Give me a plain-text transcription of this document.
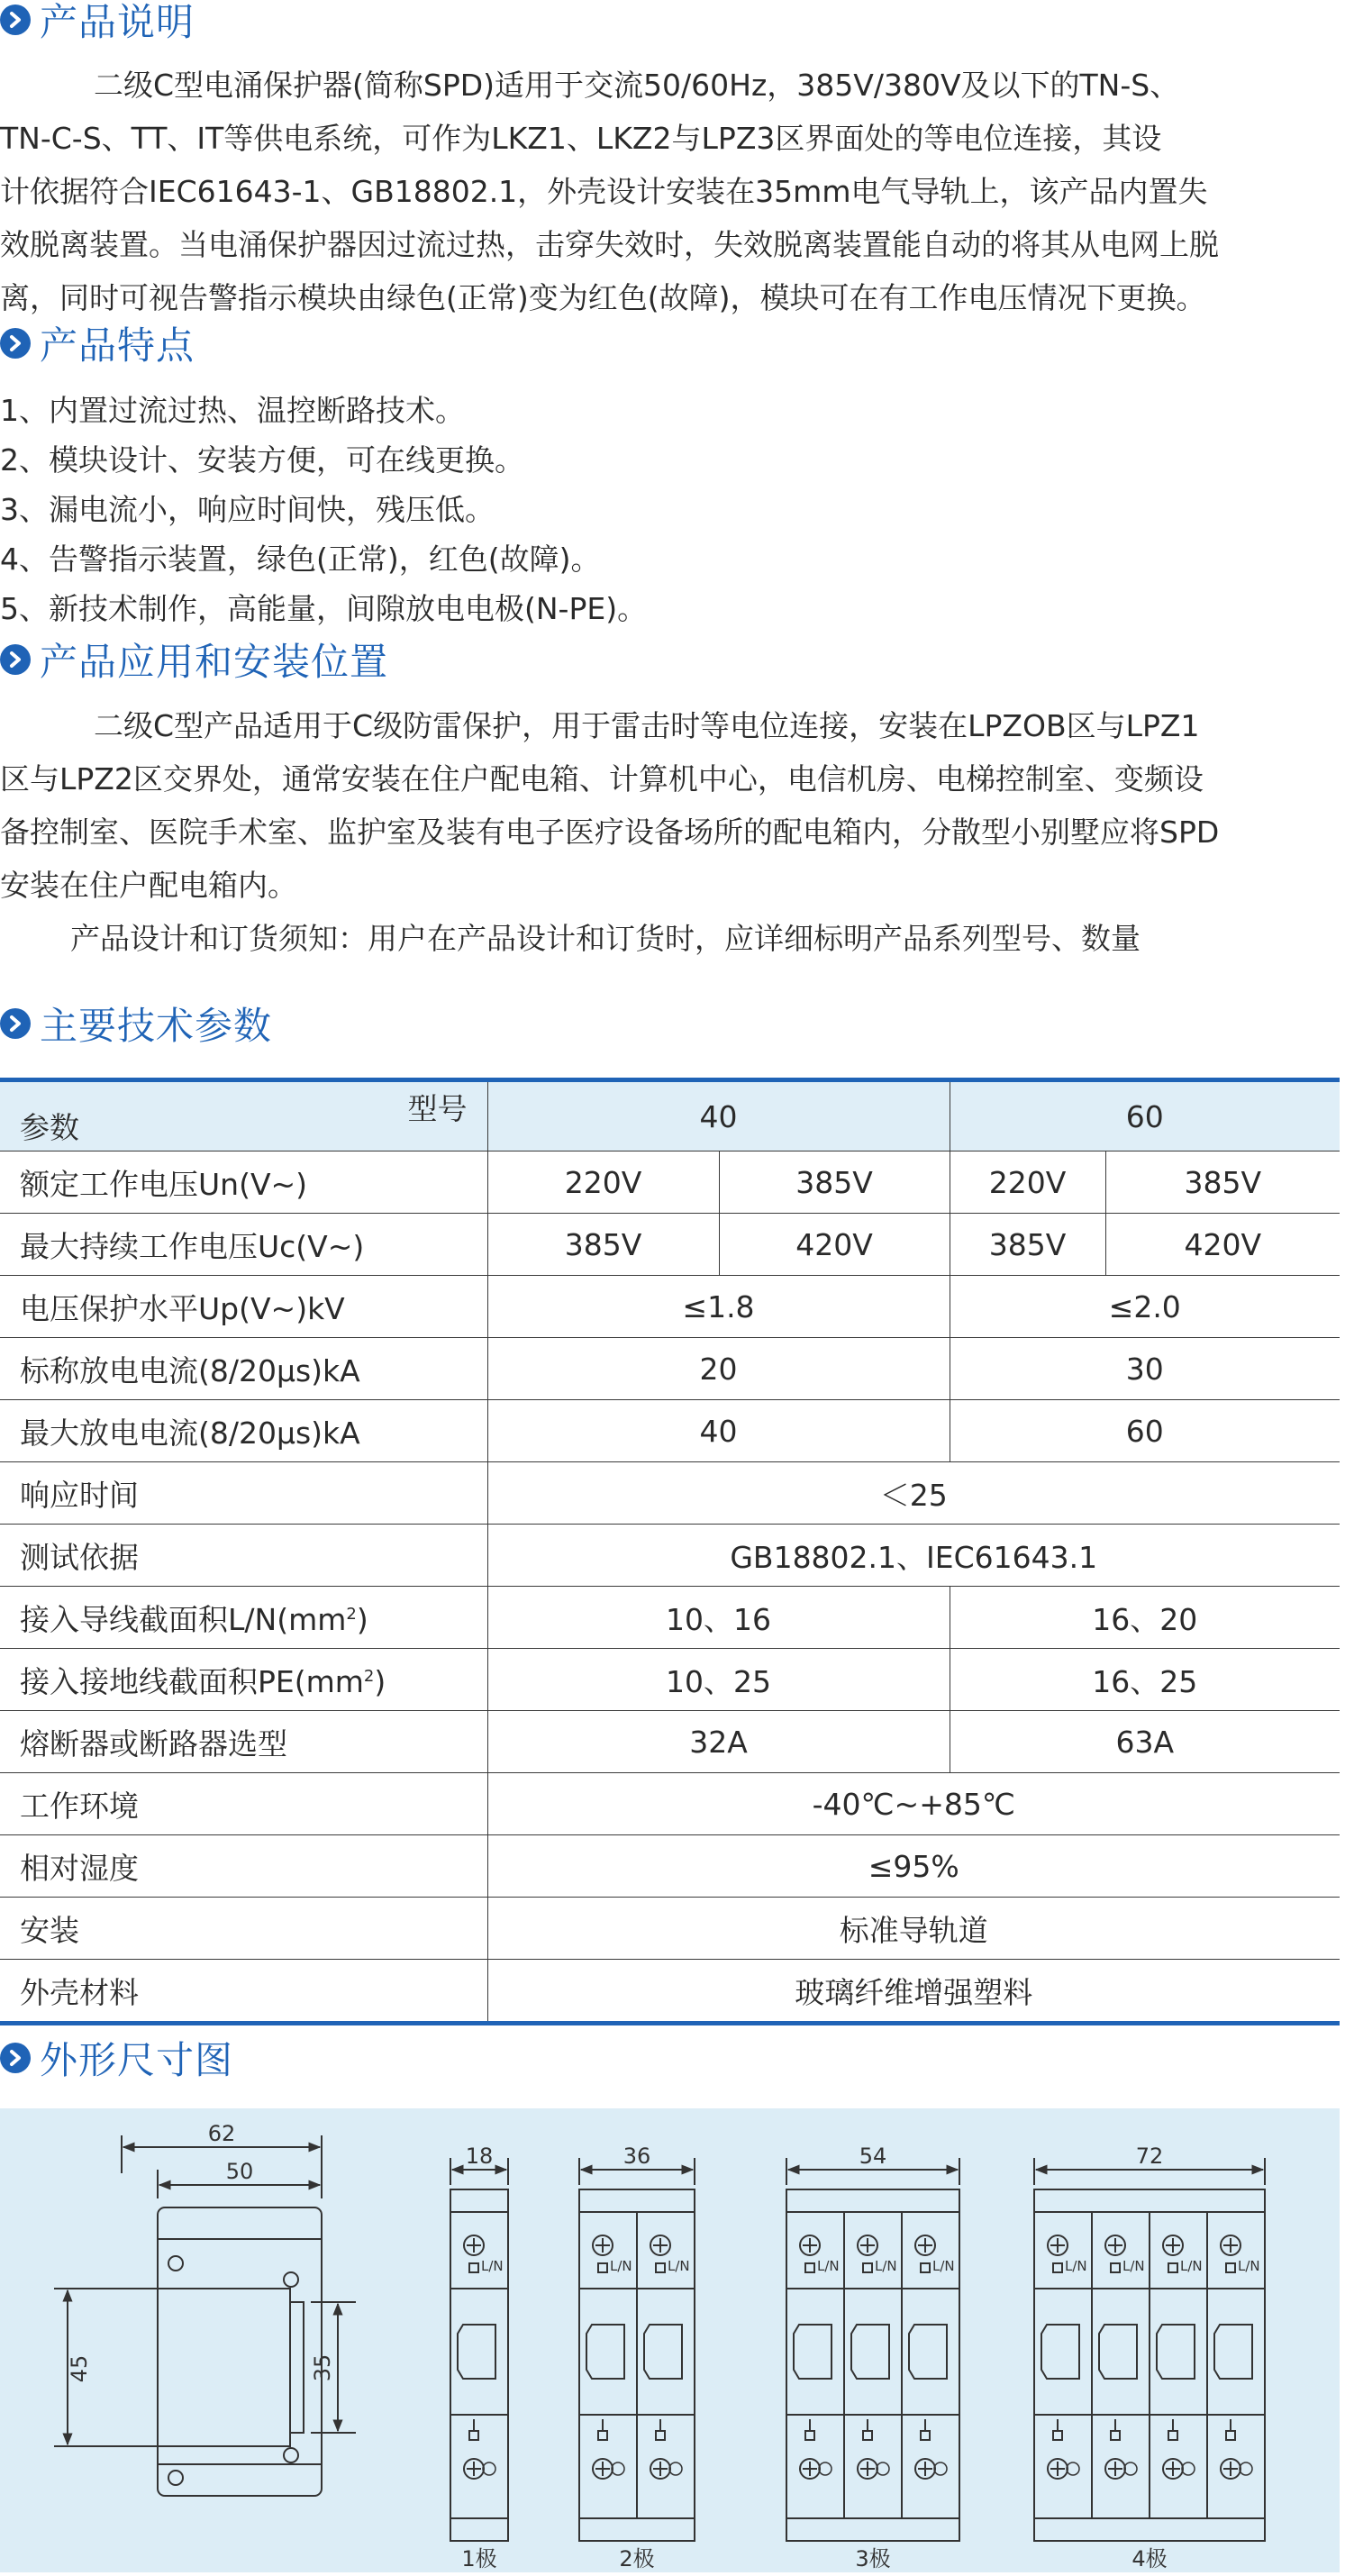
产品说明

二级C型电涌保护器(简称SPD)适用于交流50/60Hz，385V/380V及以下的TN-S、

TN-C-S、TT、IT等供电系统，可作为LKZ1、LKZ2与LPZ3区界面处的等电位连接，其设

计依据符合IEC61643-1、GB18802.1，外壳设计安装在35mm电气导轨上，该产品内置失

效脱离装置。当电涌保护器因过流过热，击穿失效时，失效脱离装置能自动的将其从电网上脱

离，同时可视告警指示模块由绿色(正常)变为红色(故障)，模块可在有工作电压情况下更换。

产品特点
1、内置过流过热、温控断路技术。
2、模块设计、安装方便，可在线更换。
3、漏电流小，响应时间快，残压低。
4、告警指示装置，绿色(正常)，红色(故障)。
5、新技术制作，高能量，间隙放电电极(N-PE)。
产品应用和安装位置

二级C型产品适用于C级防雷保护，用于雷击时等电位连接，安装在LPZOB区与LPZ1

区与LPZ2区交界处，通常安装在住户配电箱、计算机中心，电信机房、电梯控制室、变频设

备控制室、医院手术室、监护室及装有电子医疗设备场所的配电箱内，分散型小别墅应将SPD

安装在住户配电箱内。

产品设计和订货须知：用户在产品设计和订货时，应详细标明产品系列型号、数量

主要技术参数
型号
参数	40		60	
额定工作电压Un(V~)	220V	385V	220V	385V
最大持续工作电压Uc(V~)	385V	420V	385V	420V
电压保护水平Up(V~)kV	≤1.8		≤2.0	
标称放电电流(8/20μs)kA	20		30	
最大放电电流(8/20μs)kA	40		60	
响应时间	＜25			
测试依据	GB18802.1、IEC61643.1			
接入导线截面积$L/N(mm^2)$	10、16		16、20	
接入接地线截面积$PE(mm^2)$	10、25		16、25	
熔断器或断路器选型	32A		63A	
工作环境	-40℃~+85℃			
相对湿度	≤95%			
安装	标准导轨道			
外壳材料	玻璃纤维增强塑料			
外形尺寸图
62
50
45	35
18
L/N
1极
36
L/N	L/N
2极
54
L/N	L/N	L/N
3极
72
L/N	L/N	L/N	L/N
4极
